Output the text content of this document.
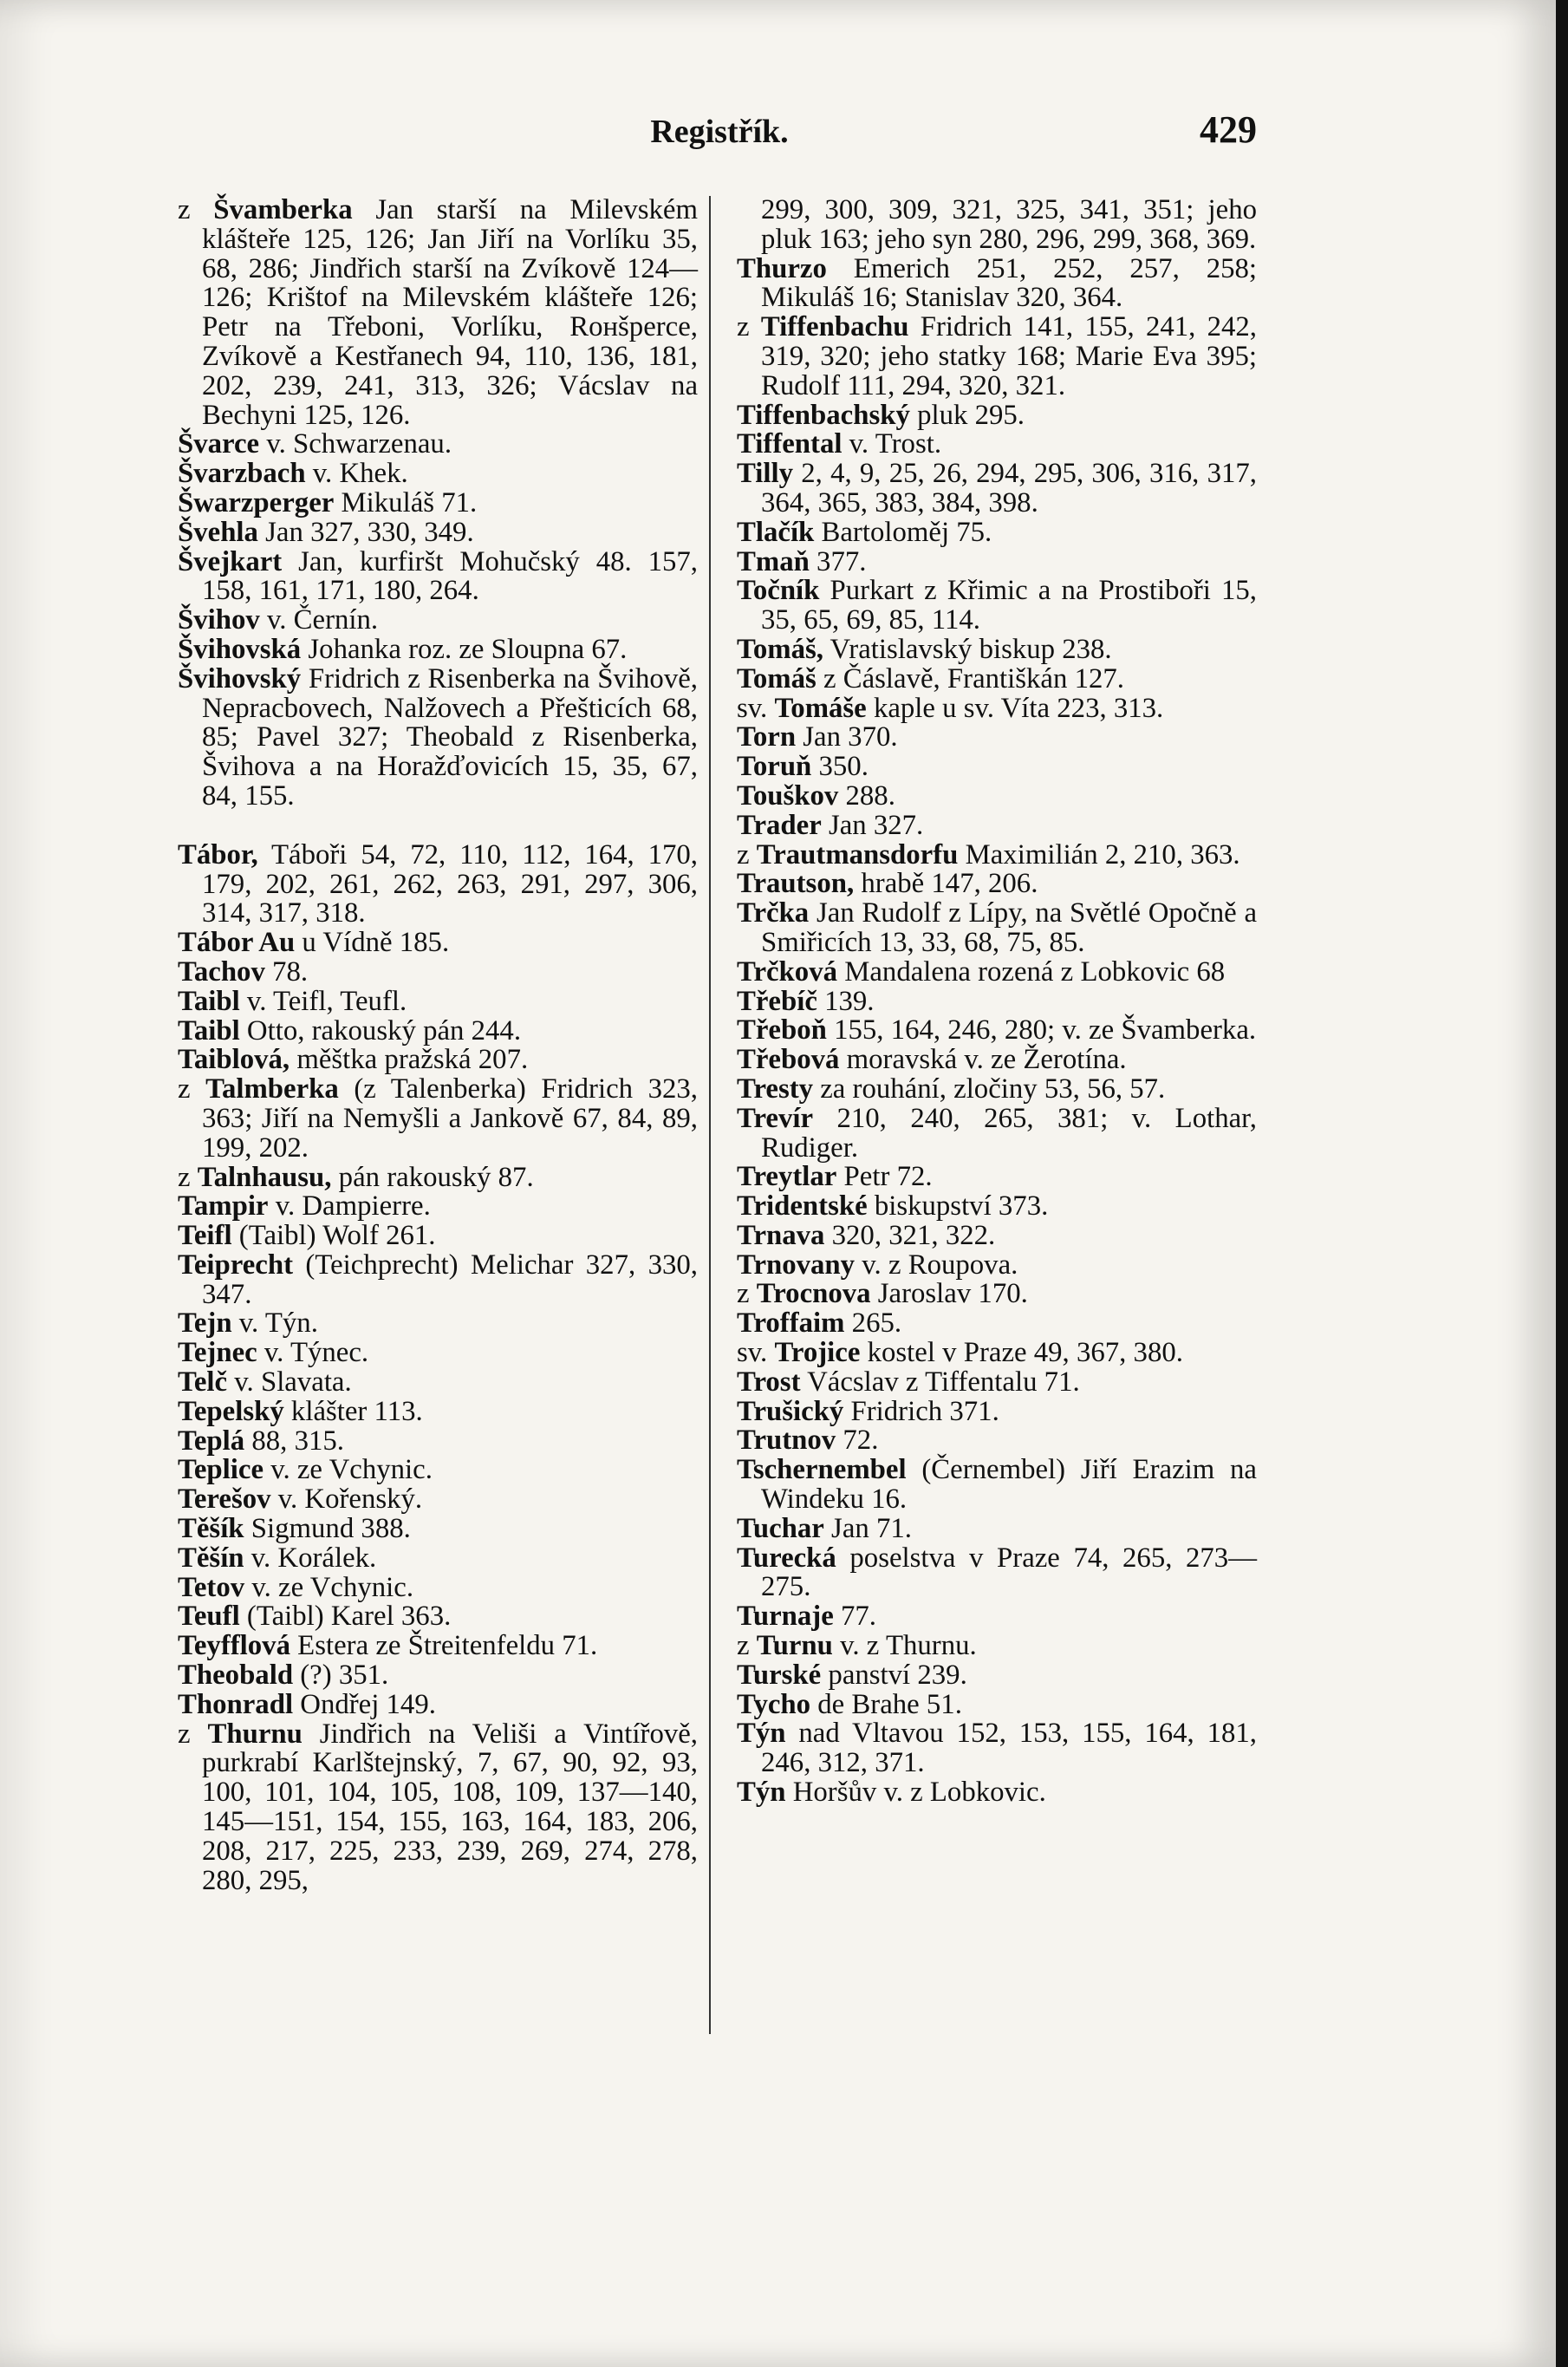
Registřík.	429
z Švamberka Jan starší na Milevském klášteře 125, 126; Jan Jiří na Vorlíku 35, 68, 286; Jindřich starší na Zvíkově 124—126; Krištof na Milevském klášteře 126; Petr na Třeboni, Vorlíku, Rонšperce, Zvíkově a Kestřanech 94, 110, 136, 181, 202, 239, 241, 313, 326; Vácslav na Bechyni 125, 126.
Švarce v. Schwarzenau.
Švarzbach v. Khek.
Šwarzperger Mikuláš 71.
Švehla Jan 327, 330, 349.
Švejkart Jan, kurfiršt Mohučský 48. 157, 158, 161, 171, 180, 264.
Švihov v. Černín.
Švihovská Johanka roz. ze Sloupna 67.
Švihovský Fridrich z Risenberka na Švihově, Nepracbovech, Nalžovech a Přešticích 68, 85; Pavel 327; Theobald z Risenberka, Švihova a na Horažďovicích 15, 35, 67, 84, 155.
Tábor, Táboři 54, 72, 110, 112, 164, 170, 179, 202, 261, 262, 263, 291, 297, 306, 314, 317, 318.
Tábor Au u Vídně 185.
Tachov 78.
Taibl v. Teifl, Teufl.
Taibl Otto, rakouský pán 244.
Taiblová, měštka pražská 207.
z Talmberka (z Talenberka) Fridrich 323, 363; Jiří na Nemyšli a Jankově 67, 84, 89, 199, 202.
z Talnhausu, pán rakouský 87.
Tampir v. Dampierre.
Teifl (Taibl) Wolf 261.
Teiprecht (Teichprecht) Melichar 327, 330, 347.
Tejn v. Týn.
Tejnec v. Týnec.
Telč v. Slavata.
Tepelský klášter 113.
Teplá 88, 315.
Teplice v. ze Vchynic.
Terešov v. Kořenský.
Těšík Sigmund 388.
Těšín v. Korálek.
Tetov v. ze Vchynic.
Teufl (Taibl) Karel 363.
Teyfflová Estera ze Štreitenfeldu 71.
Theobald (?) 351.
Thonradl Ondřej 149.
z Thurnu Jindřich na Veliši a Vintířově, purkrabí Karlštejnský, 7, 67, 90, 92, 93, 100, 101, 104, 105, 108, 109, 137—140, 145—151, 154, 155, 163, 164, 183, 206, 208, 217, 225, 233, 239, 269, 274, 278, 280, 295,
299, 300, 309, 321, 325, 341, 351; jeho pluk 163; jeho syn 280, 296, 299, 368, 369.
Thurzo Emerich 251, 252, 257, 258; Mikuláš 16; Stanislav 320, 364.
z Tiffenbachu Fridrich 141, 155, 241, 242, 319, 320; jeho statky 168; Marie Eva 395; Rudolf 111, 294, 320, 321.
Tiffenbachský pluk 295.
Tiffental v. Trost.
Tilly 2, 4, 9, 25, 26, 294, 295, 306, 316, 317, 364, 365, 383, 384, 398.
Tlačík Bartoloměj 75.
Tmaň 377.
Točník Purkart z Křimic a na Prostiboři 15, 35, 65, 69, 85, 114.
Tomáš, Vratislavský biskup 238.
Tomáš z Čáslavě, Františkán 127.
sv. Tomáše kaple u sv. Víta 223, 313.
Torn Jan 370.
Toruň 350.
Touškov 288.
Trader Jan 327.
z Trautmansdorfu Maximilián 2, 210, 363.
Trautson, hrabě 147, 206.
Trčka Jan Rudolf z Lípy, na Světlé Opočně a Smiřicích 13, 33, 68, 75, 85.
Trčková Mandalena rozená z Lobkovic 68
Třebíč 139.
Třeboň 155, 164, 246, 280; v. ze Švamberka.
Třebová moravská v. ze Žerotína.
Tresty za rouhání, zločiny 53, 56, 57.
Trevír 210, 240, 265, 381; v. Lothar, Rudiger.
Treytlar Petr 72.
Tridentské biskupství 373.
Trnava 320, 321, 322.
Trnovany v. z Roupova.
z Trocnova Jaroslav 170.
Troffaim 265.
sv. Trojice kostel v Praze 49, 367, 380.
Trost Vácslav z Tiffentalu 71.
Trušický Fridrich 371.
Trutnov 72.
Tschernembel (Černembel) Jiří Erazim na Windeku 16.
Tuchar Jan 71.
Turecká poselstva v Praze 74, 265, 273—275.
Turnaje 77.
z Turnu v. z Thurnu.
Turské panství 239.
Tycho de Brahe 51.
Týn nad Vltavou 152, 153, 155, 164, 181, 246, 312, 371.
Týn Horšův v. z Lobkovic.
